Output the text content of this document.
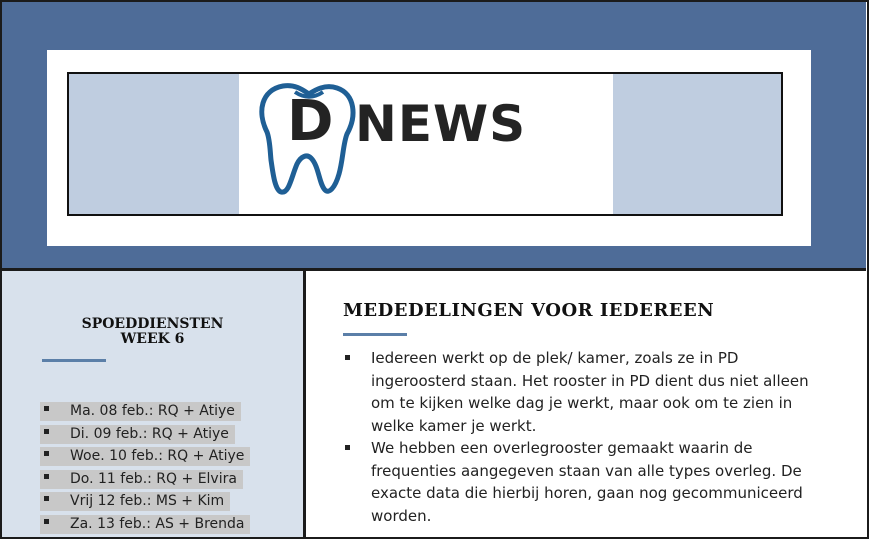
D NEWS
SPOEDDIENSTEN
WEEK 6
Ma. 08 feb.: RQ + Atiye
Di. 09 feb.: RQ + Atiye
Woe. 10 feb.: RQ + Atiye
Do. 11 feb.: RQ + Elvira
Vrij 12 feb.: MS + Kim
Za. 13 feb.: AS + Brenda
MEDEDELINGEN VOOR IEDEREEN
Iedereen werkt op de plek/ kamer, zoals ze in PD ingeroosterd staan. Het rooster in PD dient dus niet alleen om te kijken welke dag je werkt, maar ook om te zien in welke kamer je werkt.
We hebben een overlegrooster gemaakt waarin de frequenties aangegeven staan van alle types overleg. De exacte data die hierbij horen, gaan nog gecommuniceerd worden.
